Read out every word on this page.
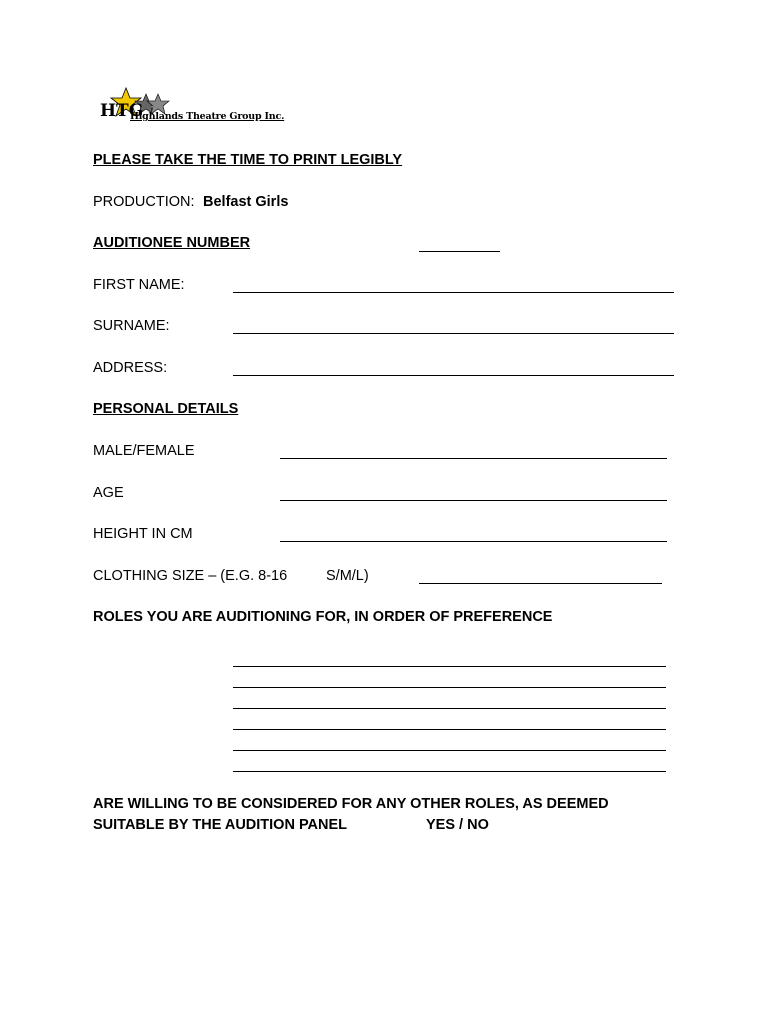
HTG
Highlands Theatre Group Inc.
PLEASE TAKE THE TIME TO PRINT LEGIBLY
PRODUCTION: Belfast Girls
AUDITIONEE NUMBER
FIRST NAME:
SURNAME:
ADDRESS:
PERSONAL DETAILS
MALE/FEMALE
AGE
HEIGHT IN CM
CLOTHING SIZE – (E.G. 8-16	S/M/L)
ROLES YOU ARE AUDITIONING FOR, IN ORDER OF PREFERENCE
ARE WILLING TO BE CONSIDERED FOR ANY OTHER ROLES, AS DEEMED
SUITABLE BY THE AUDITION PANEL	YES / NO
